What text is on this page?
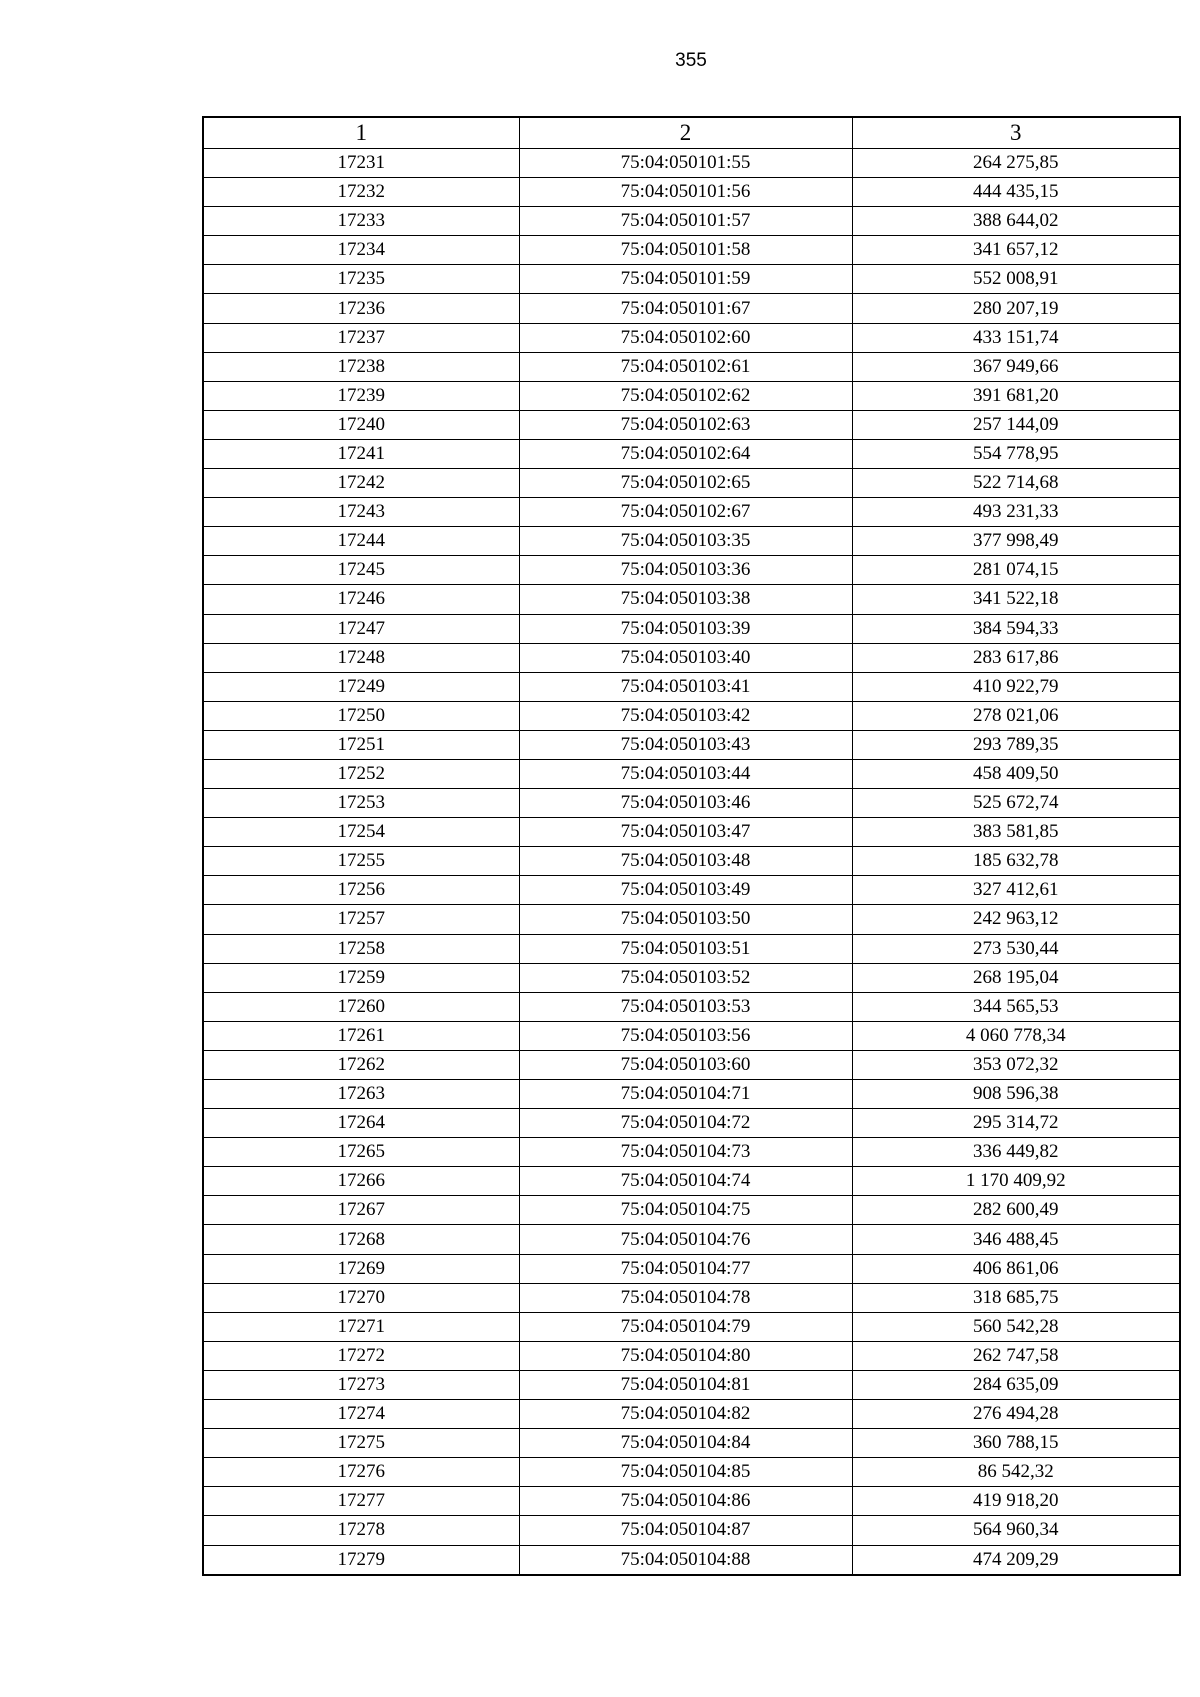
355
1	2	3
17231	75:04:050101:55	264 275,85
17232	75:04:050101:56	444 435,15
17233	75:04:050101:57	388 644,02
17234	75:04:050101:58	341 657,12
17235	75:04:050101:59	552 008,91
17236	75:04:050101:67	280 207,19
17237	75:04:050102:60	433 151,74
17238	75:04:050102:61	367 949,66
17239	75:04:050102:62	391 681,20
17240	75:04:050102:63	257 144,09
17241	75:04:050102:64	554 778,95
17242	75:04:050102:65	522 714,68
17243	75:04:050102:67	493 231,33
17244	75:04:050103:35	377 998,49
17245	75:04:050103:36	281 074,15
17246	75:04:050103:38	341 522,18
17247	75:04:050103:39	384 594,33
17248	75:04:050103:40	283 617,86
17249	75:04:050103:41	410 922,79
17250	75:04:050103:42	278 021,06
17251	75:04:050103:43	293 789,35
17252	75:04:050103:44	458 409,50
17253	75:04:050103:46	525 672,74
17254	75:04:050103:47	383 581,85
17255	75:04:050103:48	185 632,78
17256	75:04:050103:49	327 412,61
17257	75:04:050103:50	242 963,12
17258	75:04:050103:51	273 530,44
17259	75:04:050103:52	268 195,04
17260	75:04:050103:53	344 565,53
17261	75:04:050103:56	4 060 778,34
17262	75:04:050103:60	353 072,32
17263	75:04:050104:71	908 596,38
17264	75:04:050104:72	295 314,72
17265	75:04:050104:73	336 449,82
17266	75:04:050104:74	1 170 409,92
17267	75:04:050104:75	282 600,49
17268	75:04:050104:76	346 488,45
17269	75:04:050104:77	406 861,06
17270	75:04:050104:78	318 685,75
17271	75:04:050104:79	560 542,28
17272	75:04:050104:80	262 747,58
17273	75:04:050104:81	284 635,09
17274	75:04:050104:82	276 494,28
17275	75:04:050104:84	360 788,15
17276	75:04:050104:85	86 542,32
17277	75:04:050104:86	419 918,20
17278	75:04:050104:87	564 960,34
17279	75:04:050104:88	474 209,29
